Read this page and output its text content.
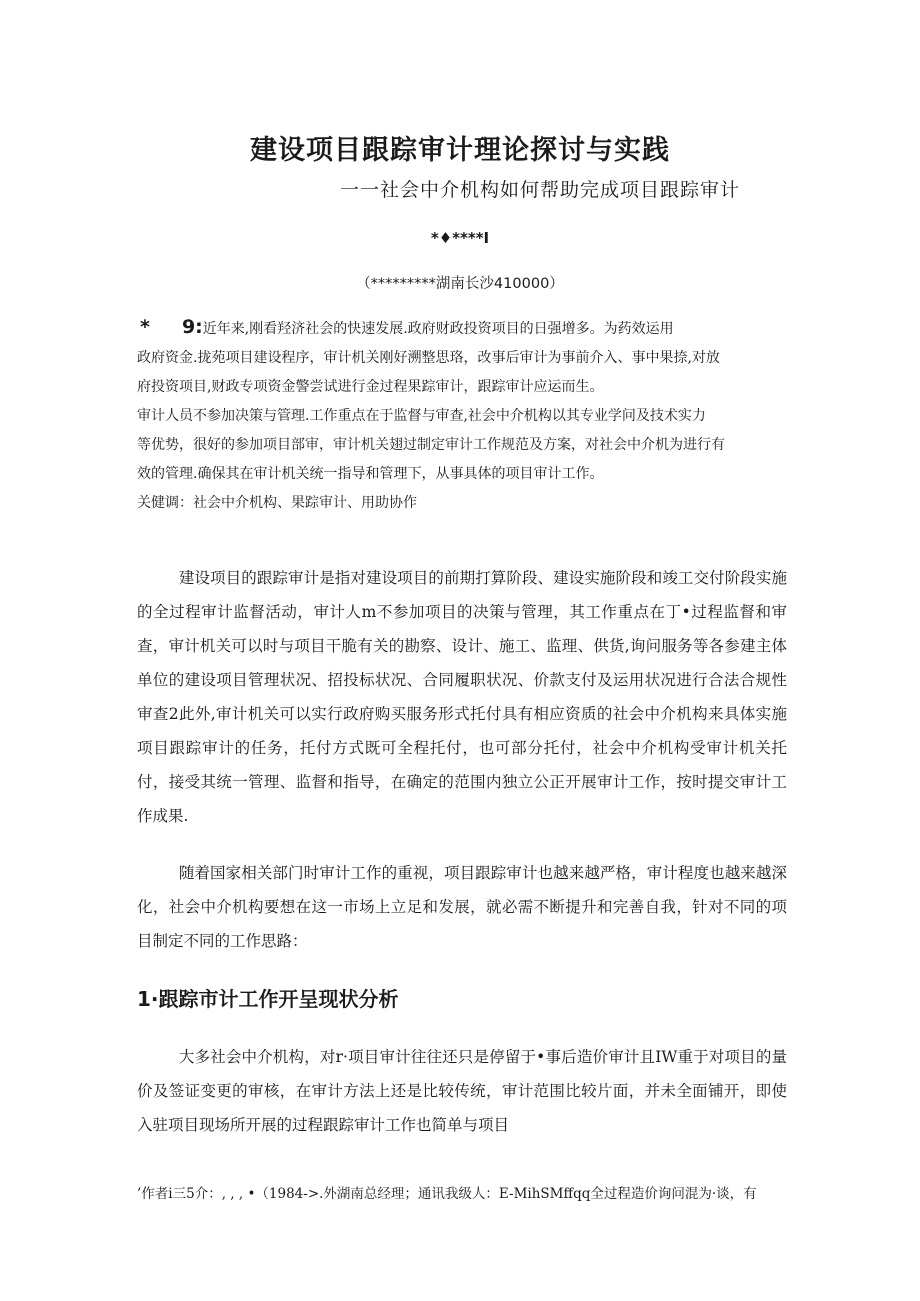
建设项目跟踪审计理论探讨与实践
一一社会中介机构如何帮助完成项目跟踪审计
*♦****I
（*********湖南长沙410000）

* 9:近年来,刚看羟济社会的快速发展.政府财政投资项目的日强增多。为药效运用

政府资金.拢苑项目建设程序，审计机关刚好溯整思珞，改事后审计为事前介入、事中果捺,对放

府投资项目,财政专项资金警尝试进行金过程果踪审计，跟踪审计应运而生。

审计人员不参加决策与管理.工作重点在于监督与审查,社会中介机构以其专业学问及技术实力

等优势，很好的参加项目部审，审计机关翅过制定审计工作规范及方案，对社会中介机为进行有

效的管理.确保其在审计机关统一指导和管理下，从事具体的项目审计工作。

关健调：社会中介机构、果踪审计、用助协作

建设项目的跟踪审计是指对建设项目的前期打算阶段、建设实施阶段和竣工交付阶段实施的全过程审计监督活动，审计人m不参加项目的决策与管理，其工作重点在丁•过程监督和审查，审计机关可以时与项目干脆有关的勘察、设计、施工、监理、供货,询问服务等各参建主体单位的建设项目管理状况、招投标状况、合同履职状况、价款支付及运用状况进行合法合规性审查2此外,审计机关可以实行政府购买服务形式托付具有相应资质的社会中介机构来具体实施项目跟踪审计的任务，托付方式既可全程托付，也可部分托付，社会中介机构受审计机关托付，接受其统一管理、监督和指导，在确定的范围内独立公正开展审计工作，按时提交审计工作成果.

随着国家相关部门时审计工作的重视，项目跟踪审计也越来越严格，审计程度也越来越深化，社会中介机构要想在这一市场上立足和发展，就必需不断提升和完善自我，针对不同的项目制定不同的工作思路：

1·跟踪市计工作开呈现状分析

大多社会中介机构，对r·项目审计往往还只是停留于•事后造价审计且IW重于对项目的量价及签证变更的审核，在审计方法上还是比较传统，审计范围比较片面，并未全面铺开，即使入驻项目现场所开展的过程跟踪审计工作也简单与项目

’作者i三5介：, , , •（1984->.外湖南总经理；通讯我级人：E-MihSMffqq全过程造价询问混为·谈，有
